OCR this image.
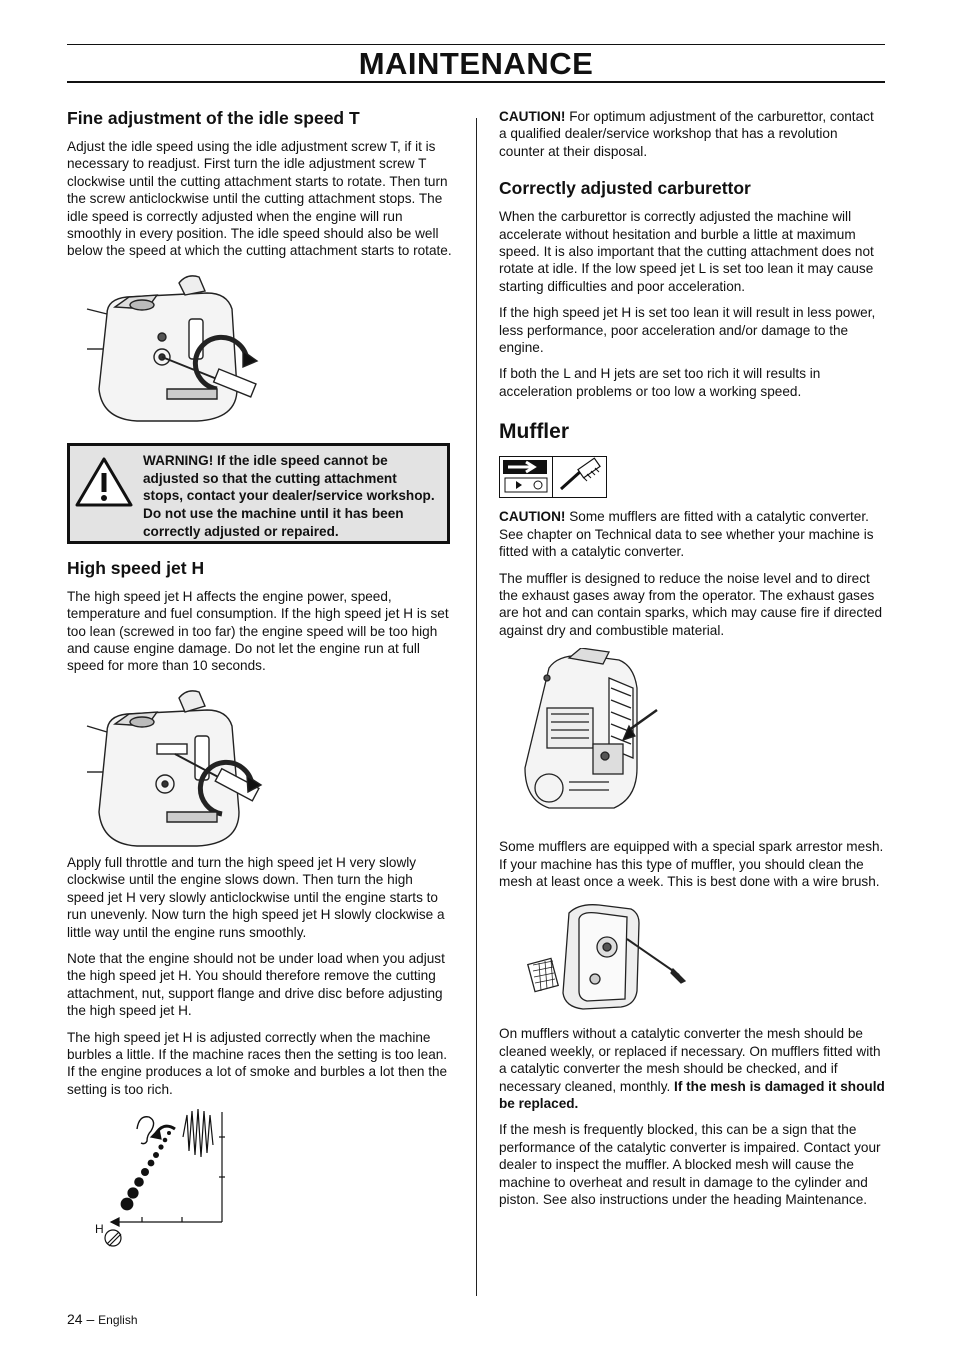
MAINTENANCE
Fine adjustment of the idle speed T

Adjust the idle speed using the idle adjustment screw T, if it is necessary to readjust. First turn the idle adjustment screw T clockwise until the cutting attachment starts to rotate. Then turn the screw anticlockwise until the cutting attachment stops. The idle speed is correctly adjusted when the engine will run smoothly in every position. The idle speed should also be well below the speed at which the cutting attachment starts to rotate.

WARNING! If the idle speed cannot be adjusted so that the cutting attachment stops, contact your dealer/service workshop. Do not use the machine until it has been correctly adjusted or repaired.
High speed jet H

The high speed jet H affects the engine power, speed, temperature and fuel consumption. If the high speed jet H is set too lean (screwed in too far) the engine speed will be too high and cause engine damage. Do not let the engine run at full speed for more than 10 seconds.

Apply full throttle and turn the high speed jet H very slowly clockwise until the engine slows down. Then turn the high speed jet H very slowly anticlockwise until the engine starts to run unevenly. Now turn the high speed jet H slowly clockwise a little way until the engine runs smoothly.

Note that the engine should not be under load when you adjust the high speed jet H. You should therefore remove the cutting attachment, nut, support flange and drive disc before adjusting the high speed jet H.

The high speed jet H is adjusted correctly when the machine burbles a little. If the machine races then the setting is too lean. If the engine produces a lot of smoke and burbles a lot then the setting is too rich.

H

CAUTION! For optimum adjustment of the carburettor, contact a qualified dealer/service workshop that has a revolution counter at their disposal.

Correctly adjusted carburettor

When the carburettor is correctly adjusted the machine will accelerate without hesitation and burble a little at maximum speed. It is also important that the cutting attachment does not rotate at idle. If the low speed jet L is set too lean it may cause starting difficulties and poor acceleration.

If the high speed jet H is set too lean it will result in less power, less performance, poor acceleration and/or damage to the engine.

If both the L and H jets are set too rich it will results in acceleration problems or too low a working speed.

Muffler

CAUTION! Some mufflers are fitted with a catalytic converter. See chapter on Technical data to see whether your machine is fitted with a catalytic converter.

The muffler is designed to reduce the noise level and to direct the exhaust gases away from the operator. The exhaust gases are hot and can contain sparks, which may cause fire if directed against dry and combustible material.

Some mufflers are equipped with a special spark arrestor mesh. If your machine has this type of muffler, you should clean the mesh at least once a week. This is best done with a wire brush.

On mufflers without a catalytic converter the mesh should be cleaned weekly, or replaced if necessary. On mufflers fitted with a catalytic converter the mesh should be checked, and if necessary cleaned, monthly. If the mesh is damaged it should be replaced.

If the mesh is frequently blocked, this can be a sign that the performance of the catalytic converter is impaired. Contact your dealer to inspect the muffler. A blocked mesh will cause the machine to overheat and result in damage to the cylinder and piston. See also instructions under the heading Maintenance.

24 – English
